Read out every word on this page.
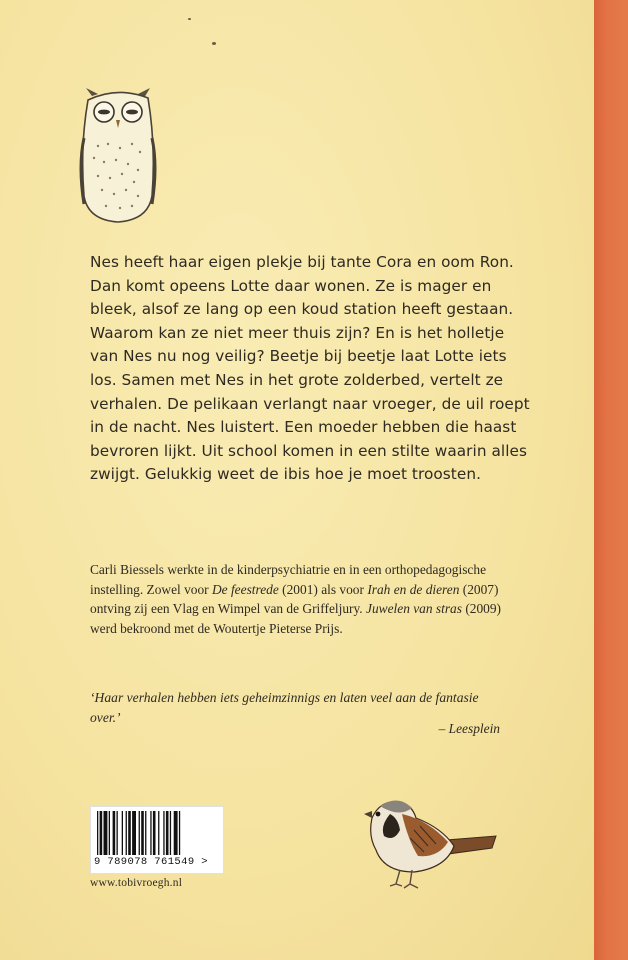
Nes heeft haar eigen plekje bij tante Cora en oom Ron. Dan komt opeens Lotte daar wonen. Ze is mager en bleek, alsof ze lang op een koud station heeft gestaan. Waarom kan ze niet meer thuis zijn? En is het holletje van Nes nu nog veilig? Beetje bij beetje laat Lotte iets los. Samen met Nes in het grote zolderbed, vertelt ze verhalen. De pelikaan verlangt naar vroeger, de uil roept in de nacht. Nes luistert. Een moeder hebben die haast bevroren lijkt. Uit school komen in een stilte waarin alles zwijgt. Gelukkig weet de ibis hoe je moet troosten.

Carli Biessels werkte in de kinderpsychiatrie en in een orthopedagogische instelling. Zowel voor De feestrede (2001) als voor Irah en de dieren (2007) ontving zij een Vlag en Wimpel van de Griffeljury. Juwelen van stras (2009) werd bekroond met de Woutertje Pieterse Prijs.

‘Haar verhalen hebben iets geheimzinnigs en laten veel aan de fantasie over.’
– Leesplein
9 789078 761549 >
www.tobivroegh.nl
